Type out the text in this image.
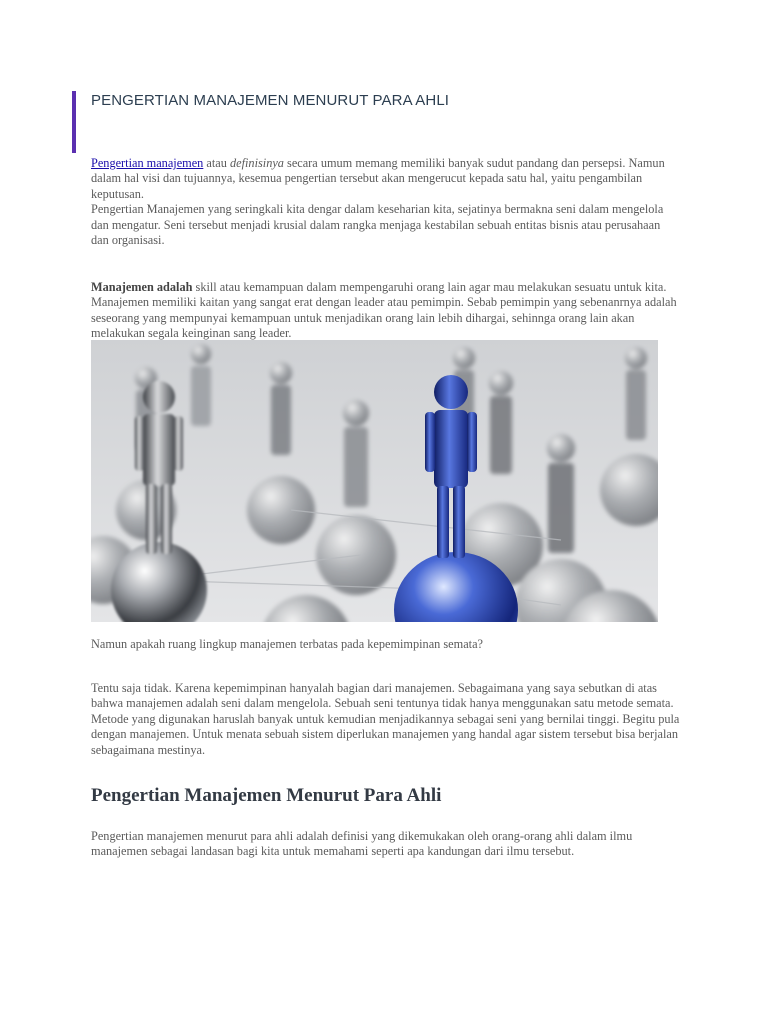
PENGERTIAN MANAJEMEN MENURUT PARA AHLI

Pengertian manajemen atau definisinya secara umum memang memiliki banyak sudut pandang dan persepsi. Namun dalam hal visi dan tujuannya, kesemua pengertian tersebut akan mengerucut kepada satu hal, yaitu pengambilan keputusan.
Pengertian Manajemen yang seringkali kita dengar dalam keseharian kita, sejatinya bermakna seni dalam mengelola dan mengatur. Seni tersebut menjadi krusial dalam rangka menjaga kestabilan sebuah entitas bisnis atau perusahaan dan organisasi.

Manajemen adalah skill atau kemampuan dalam mempengaruhi orang lain agar mau melakukan sesuatu untuk kita. Manajemen memiliki kaitan yang sangat erat dengan leader atau pemimpin. Sebab pemimpin yang sebenanrnya adalah seseorang yang mempunyai kemampuan untuk menjadikan orang lain lebih dihargai, sehinnga orang lain akan melakukan segala keinginan sang leader.

Namun apakah ruang lingkup manajemen terbatas pada kepemimpinan semata?

Tentu saja tidak. Karena kepemimpinan hanyalah bagian dari manajemen. Sebagaimana yang saya sebutkan di atas bahwa manajemen adalah seni dalam mengelola. Sebuah seni tentunya tidak hanya menggunakan satu metode semata. Metode yang digunakan haruslah banyak untuk kemudian menjadikannya sebagai seni yang bernilai tinggi. Begitu pula dengan manajemen. Untuk menata sebuah sistem diperlukan manajemen yang handal agar sistem tersebut bisa berjalan sebagaimana mestinya.

Pengertian Manajemen Menurut Para Ahli

Pengertian manajemen menurut para ahli adalah definisi yang dikemukakan oleh orang-orang ahli dalam ilmu manajemen sebagai landasan bagi kita untuk memahami seperti apa kandungan dari ilmu tersebut.
